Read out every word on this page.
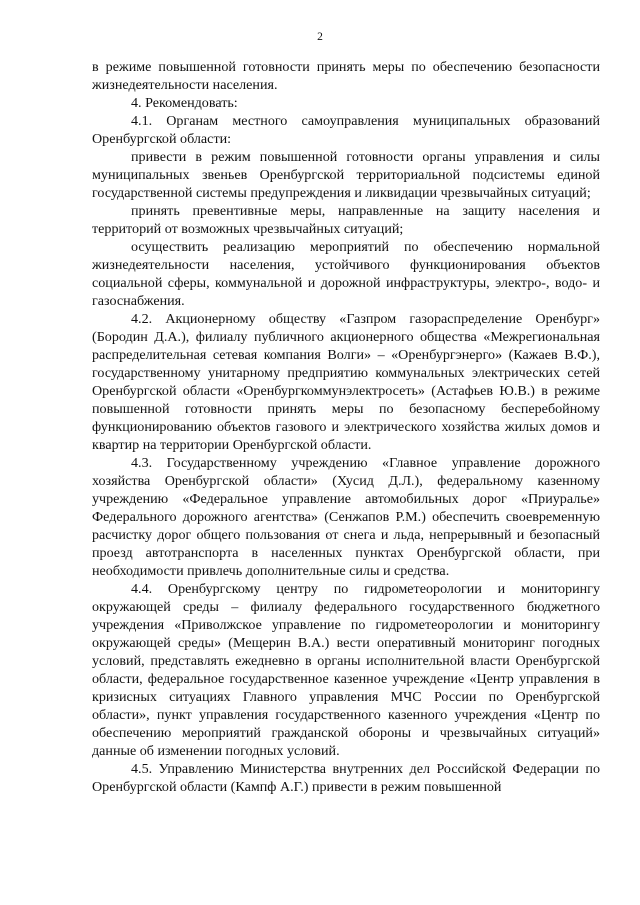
2

в режиме повышенной готовности принять меры по обеспечению безопасности жизнедеятельности населения.

4. Рекомендовать:

4.1. Органам местного самоуправления муниципальных образований Оренбургской области:

привести в режим повышенной готовности органы управления и силы муниципальных звеньев Оренбургской территориальной подсистемы единой государственной системы предупреждения и ликвидации чрезвычайных ситуаций;

принять превентивные меры, направленные на защиту населения и территорий от возможных чрезвычайных ситуаций;

осуществить реализацию мероприятий по обеспечению нормальной жизнедеятельности населения, устойчивого функционирования объектов социальной сферы, коммунальной и дорожной инфраструктуры, электро-, водо- и газоснабжения.

4.2. Акционерному обществу «Газпром газораспределение Оренбург» (Бородин Д.А.), филиалу публичного акционерного общества «Межрегиональная распределительная сетевая компания Волги» – «Оренбургэнерго» (Кажаев В.Ф.), государственному унитарному предприятию коммунальных электрических сетей Оренбургской области «Оренбургкоммунэлектросеть» (Астафьев Ю.В.) в режиме повышенной готовности принять меры по безопасному бесперебойному функционированию объектов газового и электрического хозяйства жилых домов и квартир на территории Оренбургской области.

4.3. Государственному учреждению «Главное управление дорожного хозяйства Оренбургской области» (Хусид Д.Л.), федеральному казенному учреждению «Федеральное управление автомобильных дорог «Приуралье» Федерального дорожного агентства» (Сенжапов Р.М.) обеспечить своевременную расчистку дорог общего пользования от снега и льда, непрерывный и безопасный проезд автотранспорта в населенных пунктах Оренбургской области, при необходимости привлечь дополнительные силы и средства.

4.4. Оренбургскому центру по гидрометеорологии и мониторингу окружающей среды – филиалу федерального государственного бюджетного учреждения «Приволжское управление по гидрометеорологии и мониторингу окружающей среды» (Мещерин В.А.) вести оперативный мониторинг погодных условий, представлять ежедневно в органы исполнительной власти Оренбургской области, федеральное государственное казенное учреждение «Центр управления в кризисных ситуациях Главного управления МЧС России по Оренбургской области», пункт управления государственного казенного учреждения «Центр по обеспечению мероприятий гражданской обороны и чрезвычайных ситуаций» данные об изменении погодных условий.

4.5. Управлению Министерства внутренних дел Российской Федерации по Оренбургской области (Кампф А.Г.) привести в режим повышенной
